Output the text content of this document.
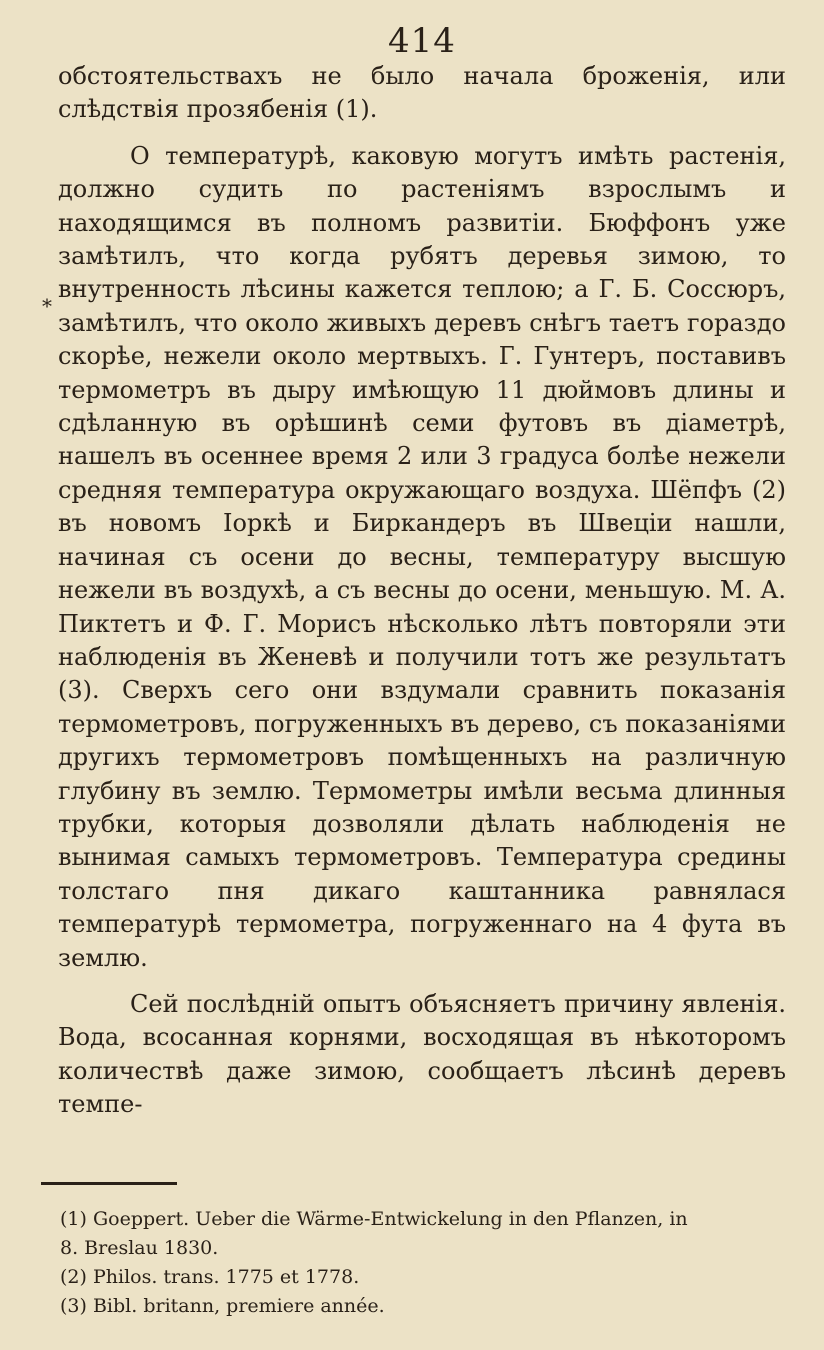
414
*

обстоятельствахъ не было начала броженія, или слѣдствія прозябенія (1).

О температурѣ, каковую могутъ имѣть растенія, должно судить по растеніямъ взрослымъ и находящимся въ полномъ развитіи. Бюффонъ уже замѣтилъ, что когда рубятъ деревья зимою, то внутренность лѣсины кажется теплою; а Г. Б. Соссюръ, замѣтилъ, что около живыхъ деревъ снѣгъ таетъ гораздо скорѣе, нежели около мертвыхъ. Г. Гунтеръ, поставивъ термометръ въ дыру имѣющую 11 дюймовъ длины и сдѣланную въ орѣшинѣ семи футовъ въ діаметрѣ, нашелъ въ осеннее время 2 или 3 градуса болѣе нежели средняя температура окружающаго воздуха. Шёпфъ (2) въ новомъ Іоркѣ и Биркандеръ въ Швецiи нашли, начиная съ осени до весны, температуру высшую нежели въ воздухѣ, а съ весны до осени, меньшую. М. А. Пиктетъ и Ф. Г. Морисъ нѣсколько лѣтъ повторяли эти наблюденія въ Женевѣ и получили тотъ же результатъ (3). Сверхъ сего они вздумали сравнить показанія термометровъ, погруженныхъ въ дерево, съ показаніями другихъ термометровъ помѣщенныхъ на различную глубину въ землю. Термометры имѣли весьма длинныя трубки, которыя дозволяли дѣлать наблюденія не вынимая самыхъ термометровъ. Температура средины толстаго пня дикаго каштанника равнялася температурѣ термометра, погруженнаго на 4 фута въ землю.

Сей послѣдній опытъ объясняетъ причину явленія. Вода, всосанная корнями, восходящая въ нѣкоторомъ количествѣ даже зимою, сообщаетъ лѣсинѣ деревъ темпе-

(1) Goeppert. Ueber die Wärme-Entwickelung in den Pflanzen, in
8. Breslau 1830.

(2) Philos. trans. 1775 et 1778.

(3) Bibl. britann, premiere année.
